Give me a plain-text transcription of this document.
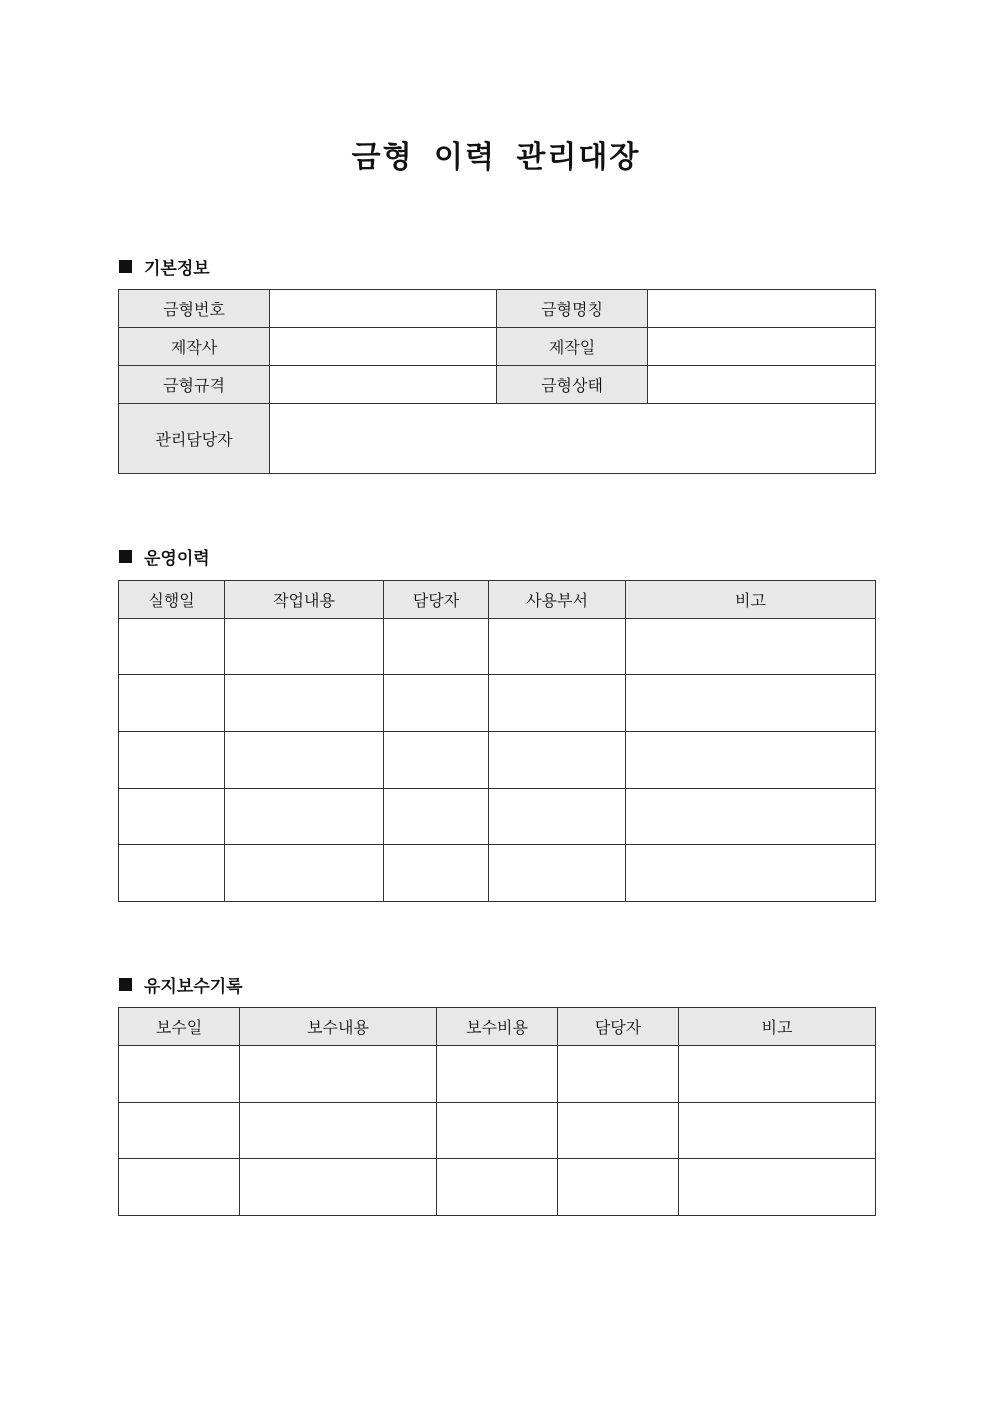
금형 이력 관리대장
기본정보
금형번호		금형명칭	
제작사		제작일	
금형규격		금형상태	
관리담당자			
운영이력
실행일	작업내용	담당자	사용부서	비고

유지보수기록
보수일	보수내용	보수비용	담당자	비고
